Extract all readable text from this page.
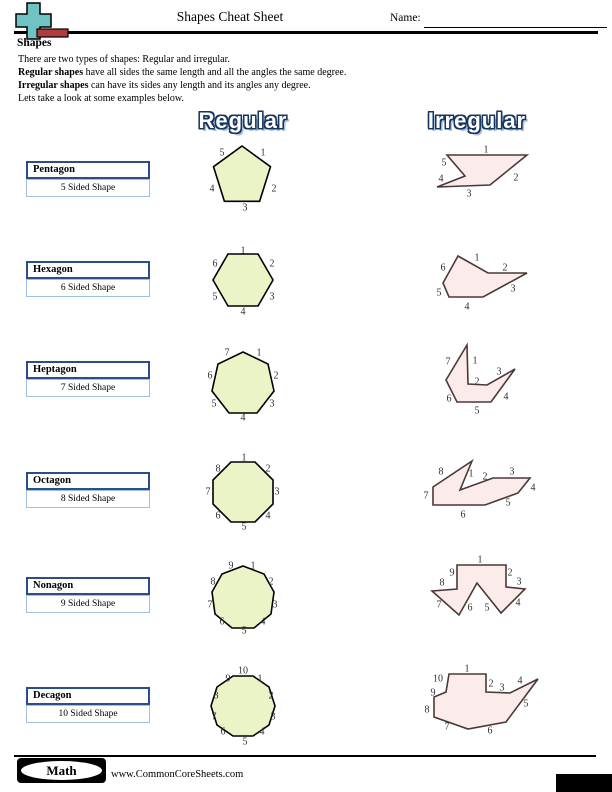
Shapes Cheat Sheet	Name:
Shapes
There are two types of shapes: Regular and irregular.
Regular shapes have all sides the same length and all the angles the same degree.
Irregular shapes can have its sides any length and its angles any degree.
Lets take a look at some examples below.
Regular	Irregular
Pentagon
5 Sided Shape
Hexagon
6 Sided Shape
Heptagon
7 Sided Shape
Octagon
8 Sided Shape
Nonagon
9 Sided Shape
Decagon
10 Sided Shape
1
2
3
4
5	1
2
3
4
5
1
2
3
4
5
6
1
2
3
4
5
6
1
2
3
4
5
6
7
1
2
3
4
5
6
7
1
2
3
4
5
6
7
8	1 2 3
4
5
6
7
8
1
2
3
4
5
6
7
8
9
1
2
3
4
5
6
7
8
9
1
2
3
4
5
6
7
8
9
10	1
2 3
4
5
6
7
8
9
10
Math	www.CommonCoreSheets.com
